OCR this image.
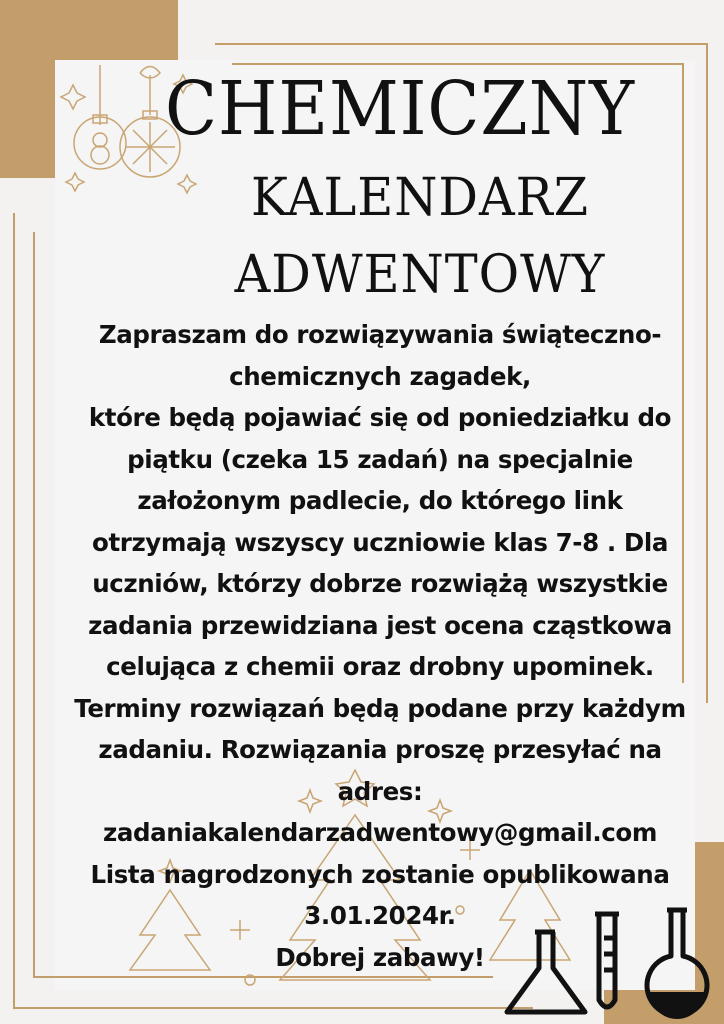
CHEMICZNY
KALENDARZ
ADWENTOWY
Zapraszam do rozwiązywania świąteczno-
chemicznych zagadek,
które będą pojawiać się od poniedziałku do
piątku (czeka 15 zadań) na specjalnie
założonym padlecie, do którego link
otrzymają wszyscy uczniowie klas 7-8 . Dla
uczniów, którzy dobrze rozwiążą wszystkie
zadania przewidziana jest ocena cząstkowa
celująca z chemii oraz drobny upominek.
Terminy rozwiązań będą podane przy każdym
zadaniu. Rozwiązania proszę przesyłać na
adres:
zadaniakalendarzadwentowy@gmail.com
Lista nagrodzonych zostanie opublikowana
3.01.2024r.
Dobrej zabawy!
